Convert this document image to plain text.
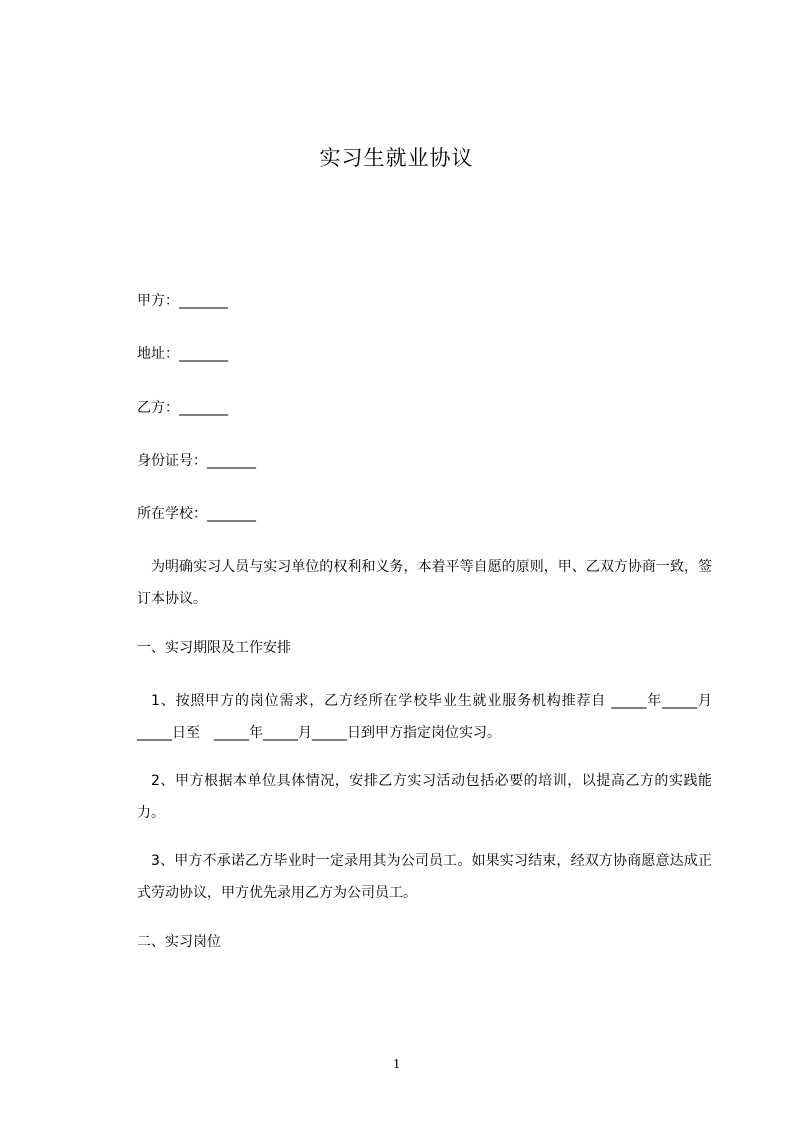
实习生就业协议
甲方：_______
地址：_______
乙方：_______
身份证号：_______
所在学校：_______
为明确实习人员与实习单位的权利和义务，本着平等自愿的原则，甲、乙双方协商一致，签订本协议。
一、实习期限及工作安排
1、按照甲方的岗位需求，乙方经所在学校毕业生就业服务机构推荐自 _____年_____月_____日至　_____年_____月_____日到甲方指定岗位实习。
2、甲方根据本单位具体情况，安排乙方实习活动包括必要的培训，以提高乙方的实践能力。
3、甲方不承诺乙方毕业时一定录用其为公司员工。如果实习结束，经双方协商愿意达成正式劳动协议，甲方优先录用乙方为公司员工。
二、实习岗位
1
